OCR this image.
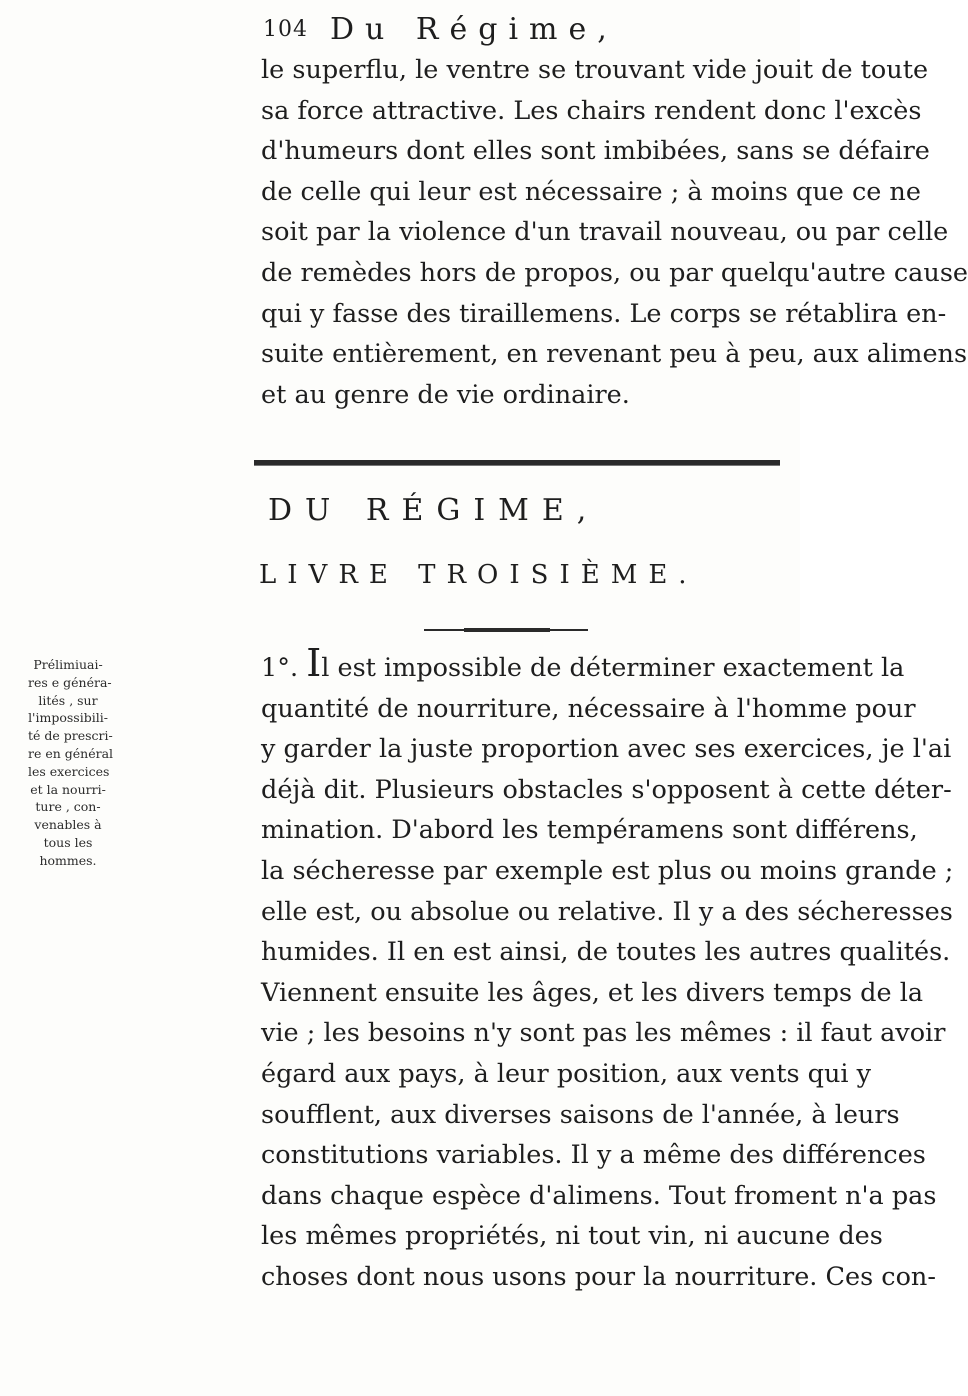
104 Du Régime,
le superflu, le ventre se trouvant vide jouit de toute
sa force attractive. Les chairs rendent donc l'excès
d'humeurs dont elles sont imbibées, sans se défaire
de celle qui leur est nécessaire ; à moins que ce ne
soit par la violence d'un travail nouveau, ou par celle
de remèdes hors de propos, ou par quelqu'autre cause
qui y fasse des tiraillemens. Le corps se rétablira en-
suite entièrement, en revenant peu à peu, aux alimens
et au genre de vie ordinaire.
DU RÉGIME,
LIVRE TROISIÈME.
Prélimiuai-
res e généra-
lités , sur
l'impossibili-
té de prescri-
re en général
les exercices
et la nourri-
ture , con-
venables à
tous les
hommes.
1°. Il est impossible de déterminer exactement la
quantité de nourriture, nécessaire à l'homme pour
y garder la juste proportion avec ses exercices, je l'ai
déjà dit. Plusieurs obstacles s'opposent à cette déter-
mination. D'abord les tempéramens sont différens,
la sécheresse par exemple est plus ou moins grande ;
elle est, ou absolue ou relative. Il y a des sécheresses
humides. Il en est ainsi, de toutes les autres qualités.
Viennent ensuite les âges, et les divers temps de la
vie ; les besoins n'y sont pas les mêmes : il faut avoir
égard aux pays, à leur position, aux vents qui y
soufflent, aux diverses saisons de l'année, à leurs
constitutions variables. Il y a même des différences
dans chaque espèce d'alimens. Tout froment n'a pas
les mêmes propriétés, ni tout vin, ni aucune des
choses dont nous usons pour la nourriture. Ces con-
